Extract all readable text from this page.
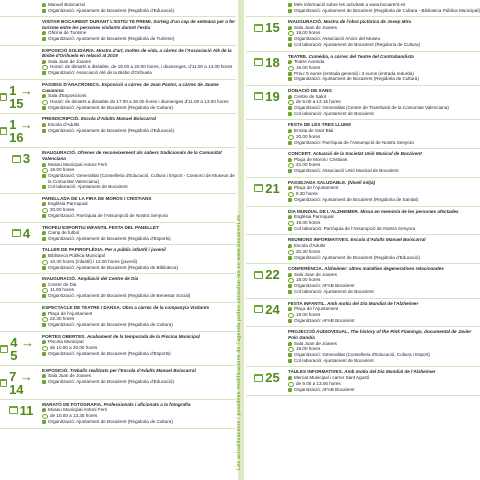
Manuel Boixcarral
Organització: Ajuntament de Bocairent (Regidoria d'Educació)
VISITAR BOCAIRENT DURANT L'ESTIU TE PREMI. Sorteig d'un cap de setmana per a fer turisme entre les persones visitants durant l'estiu
Oficina de Turisme
Organització: Ajuntament de Bocairent (Regidoria de Turisme)
EXPOSICIÓ SOLIDÀRIA. Mostra d'art, moltes de vida, a càrrec de l'Associació Alè de la Bisbe d'Orihuela en relació al 2019
Sala Joan de Joanes
Horari: de dimarts a dissabte, de 18.00 a 20.00 hores, i diumenges, d'11.00 a 13.00 hores
Organització: Associació Alè de la Bisbe d'Orihuela
1 → 15
PASSEIG D'ANACRONICS. Exposició a càrrec de Joan Pastor, a càrrec de Jaume Casanova
Sala d'Exposicions
Horari: de dimarts a dissabte de 17.00 a 20.00 hores i diumenges d'11.00 a 13.00 hores
Organització: Ajuntament de Bocairent (Regidoria de Cultura)
1 → 16
PREINSCRIPCIÓ. Escola d'Adults Manuel Boixcarral
Escola d'Adults
Organització: Ajuntament de Bocairent (Regidoria d'Educació)
3	INAUGURACIÓ. Ofrenes de reconeixement als sabers tradicionals de la Comunitat Valenciana
Museu Municipal Antoni Ferri
19.00 hores
Organització: Generalitat (Conselleria d'Educació, Cultura i Esport - Consorci de Museus de la Comunitat Valenciana)
Col·laboració: Ajuntament de Bocairent
PARELLADA DE LA FIRA DE MOROS I CRISTIANS
Església Parroquial
20.00 hores
Organització: Parròquia de l'Assumpció de Nostra Senyora
4	TROFEU ESPORTIU INFANTIL FESTA DEL PANELLET
Camp de futbol
Organització: Ajuntament de Bocairent (Regidoria d'Esports)
TALLER DE PAPIROFLÈXIA. Per a públic infantil i juvenil
Biblioteca Pública Municipal
10.30 hores (infantil) i 12.00 hores (juvenil)
Organització: Ajuntament de Bocairent (Regidoria de Biblioteca)
INAUGURACIÓ. Ampliació del Centre de Dia
Centre de Dia
11.00 hores
Organització: Ajuntament de Bocairent (Regidoria de Benestar Social)
ESPECTACLE DE TEATRE I DANSA. Obra a càrrec de la companyia Visitants
Plaça de l'Ajuntament
22.30 hores
Organització: Ajuntament de Bocairent (Regidoria de Cultura)
4 → 5
PORTES OBERTES. Acabament de la temporada de la Piscina Municipal
Piscina Municipal
de 10.00 a 20.00 hores
Organització: Ajuntament de Bocairent (Regidoria d'Esports)
7 → 14
EXPOSICIÓ. Treballs realitzats per l'Escola d'Adults Manuel Boixcarral
Sala Joan de Joanes
Organització: Ajuntament de Bocairent (Regidoria d'Educació)
11 MARATÓ DE FOTOGRAFIA. Professionals i aficionats a la fotografia
Museu Municipal Antoni Ferri
de 10.00 a 13.30 hores
Organització: Ajuntament de Bocairent (Regidoria de Cultura)	Les actualitzacions / possibles modificacions de l'agenda podeu consultar-les en www.bocairent.es
Més informació sobre les activitats a www.bocairent.es
Organització: Ajuntament de Bocairent (Regidoria de Cultura - Biblioteca Pública Municipal)
15 INAUGURACIÓ. Mostra de l'obra pictòrica de Josep Mira
Sala Joan de Joanes
19.00 hores
Organització: Associació Amics del Museu
Col·laboració: Ajuntament de Bocairent (Regidoria de Cultura)
18 TEATRE. Comèdia, a càrrec del Teatre del Contrabandista
Teatre Avenida
19.00 hores
Preu: 5 euros (entrada general) i 3 euros (entrada reduïda)
Organització: Ajuntament de Bocairent (Regidoria de Cultura)
19 DONACIÓ DE SANG
Centre de Salut
de 9.00 a 13.15 hores
Organització: Generalitat (Centre de Transfusió de la Comunitat Valenciana)
Col·laboració: Ajuntament de Bocairent
FESTA DE LES TRES LLUMS
Ermita de Sant Blai
20.00 hores
Organització: Parròquia de l'Assumpció de Nostra Senyora
CONCERT. Actuació de la Societat Unió Musical de Bocairent
Plaça de Moros i Cristians
22.00 hores
Organització: Associació Unió Musical de Bocairent
21 PASSEJADA SALUDABLE. (Nivell mitjà)
Plaça de l'Ajuntament
8.30 hores
Organització: Ajuntament de Bocairent (Regidoria de Sanitat)
DIA MUNDIAL DE L'ALZHEIMER. Missa en memòria de les persones afectades
Església Parroquial
19.00 hores
Col·laboració: Parròquia de l'Assumpció de Nostra Senyora
REUNIONS INFORMATIVES. Escola d'Adults Manuel Boixcarral
Escola d'Adults
20.30 hores
Organització: Ajuntament de Bocairent (Regidoria d'Educació)
22 CONFERÈNCIA. Alzheimer: altres malalties degeneratives relacionades
Sala Joan de Joanes
18.00 hores
Organització: AFAB Bocairent
Col·laboració: Ajuntament de Bocairent
24 FESTA INFANTIL. Amb motiu del Dia Mundial de l'Alzheimer
Plaça de l'Ajuntament
18.00 hores
Organització: AFAB Bocairent
PROJECCIÓ AUDIOVISUAL. The history of the Pink Flamingo, documental de Javier Polo Gandía
Sala Joan de Joanes
19.00 hores
Organització: Generalitat (Conselleria d'Educació, Cultura i Esport)
Col·laboració: Ajuntament de Bocairent
25 TAULES INFORMATIVES. Amb motiu del Dia Mundial de l'Alzheimer
Mercat Municipal i carrer Sant Agustí
de 9.00 a 13.00 hores
Organització: AFAB Bocairent
